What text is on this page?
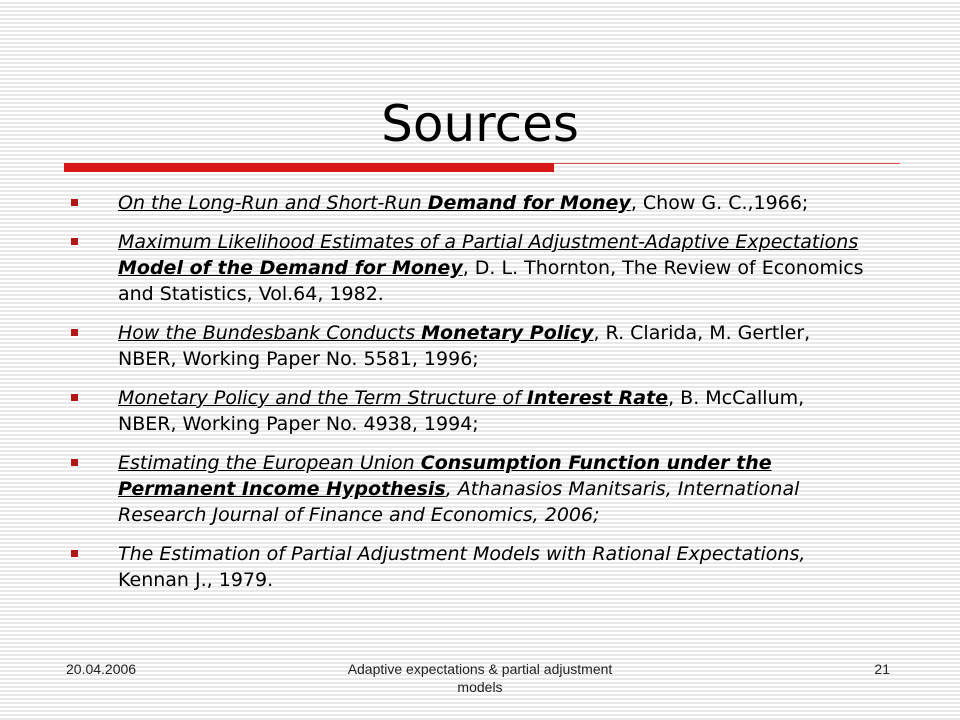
Sources
On the Long-Run and Short-Run Demand for Money, Chow G. C.,1966;
Maximum Likelihood Estimates of a Partial Adjustment-Adaptive Expectations Model of the Demand for Money, D. L. Thornton, The Review of Economics and Statistics, Vol.64, 1982.
How the Bundesbank Conducts Monetary Policy, R. Clarida, M. Gertler, NBER, Working Paper No. 5581, 1996;
Monetary Policy and the Term Structure of Interest Rate, B. McCallum, NBER, Working Paper No. 4938, 1994;
Estimating the European Union Consumption Function under the Permanent Income Hypothesis, Athanasios Manitsaris, International Research Journal of Finance and Economics, 2006;
The Estimation of Partial Adjustment Models with Rational Expectations, Kennan J., 1979.
20.04.2006	Adaptive expectations & partial adjustment models
21
